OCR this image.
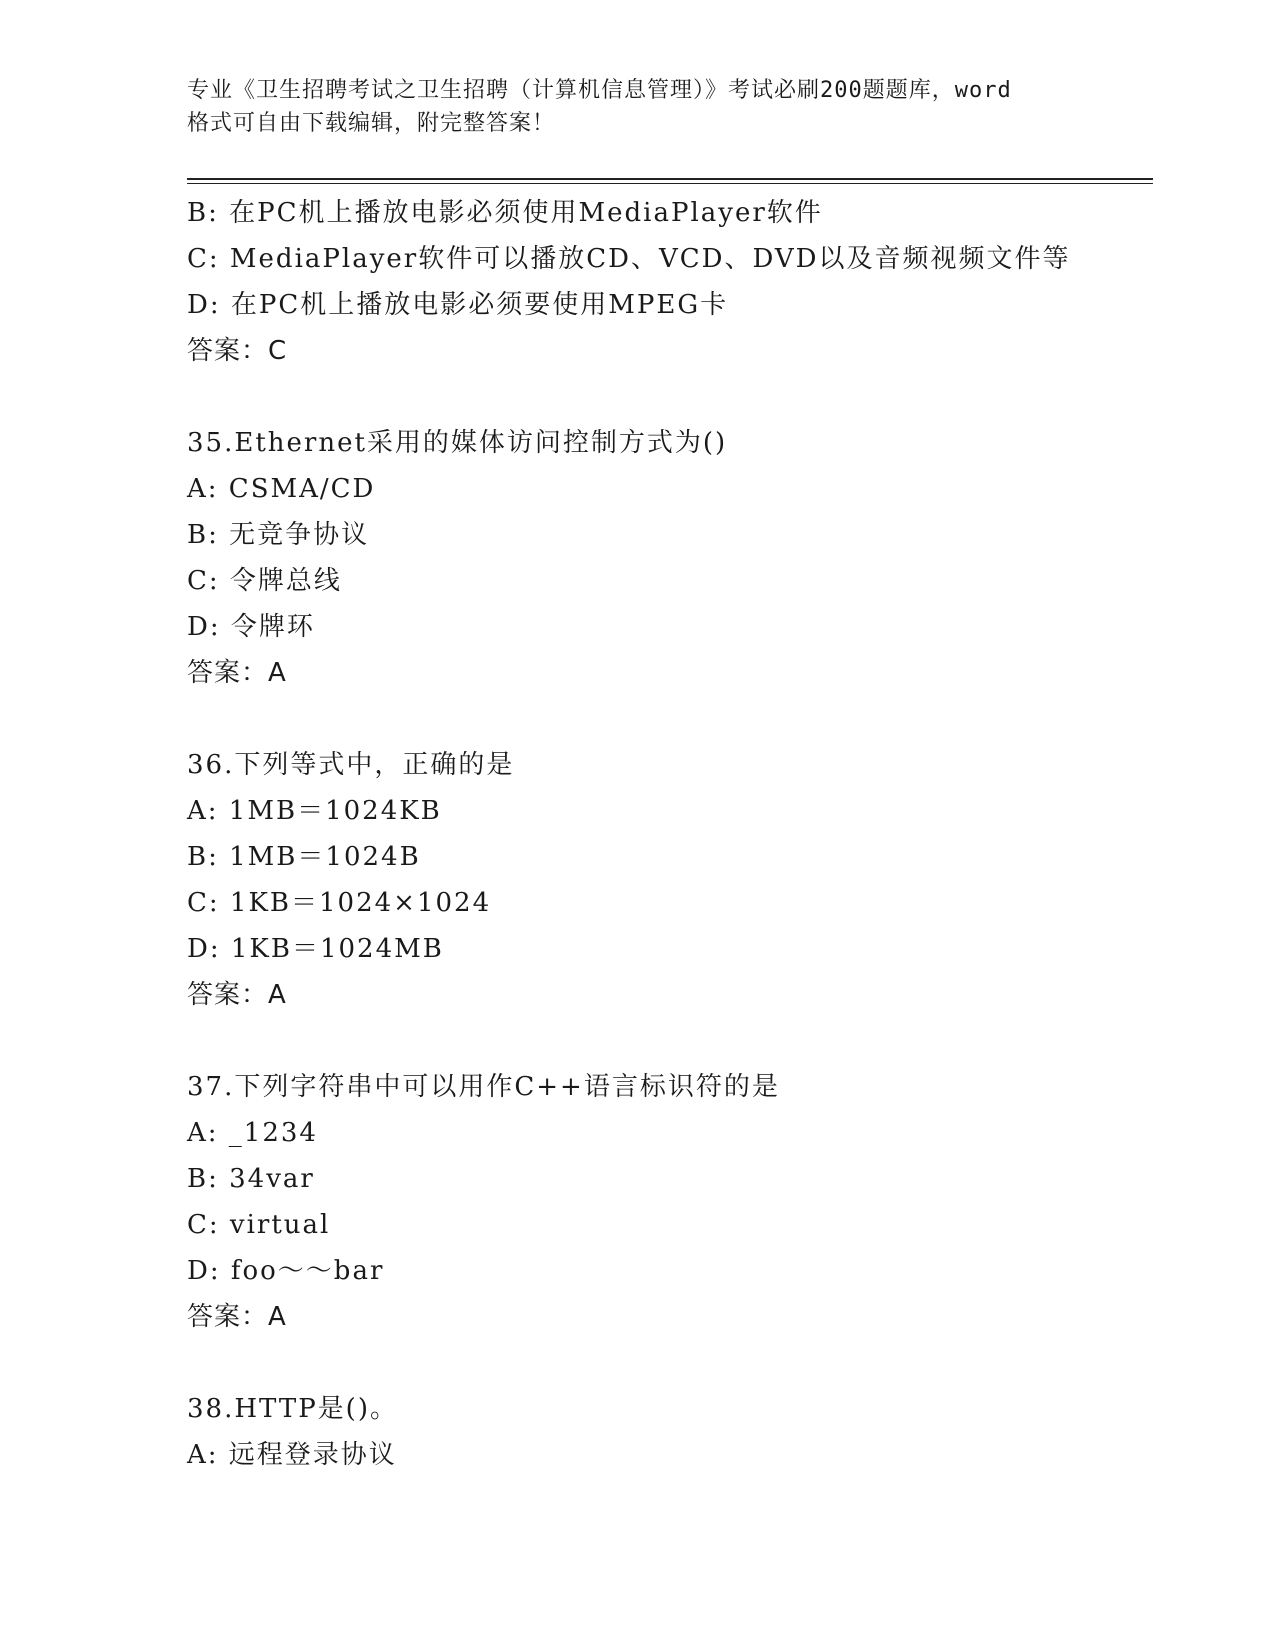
专业《卫生招聘考试之卫生招聘（计算机信息管理）》考试必刷200题题库，word
格式可自由下载编辑，附完整答案！
B: 在PC机上播放电影必须使用MediaPlayer软件
C: MediaPlayer软件可以播放CD、VCD、DVD以及音频视频文件等
D: 在PC机上播放电影必须要使用MPEG卡
答案：C
35.Ethernet采用的媒体访问控制方式为()
A: CSMA/CD
B: 无竞争协议
C: 令牌总线
D: 令牌环
答案：A
36.下列等式中，正确的是
A: 1MB＝1024KB
B: 1MB＝1024B
C: 1KB＝1024×1024
D: 1KB＝1024MB
答案：A
37.下列字符串中可以用作C++语言标识符的是
A: _1234
B: 34var
C: virtual
D: foo～～bar
答案：A
38.HTTP是()。
A: 远程登录协议
